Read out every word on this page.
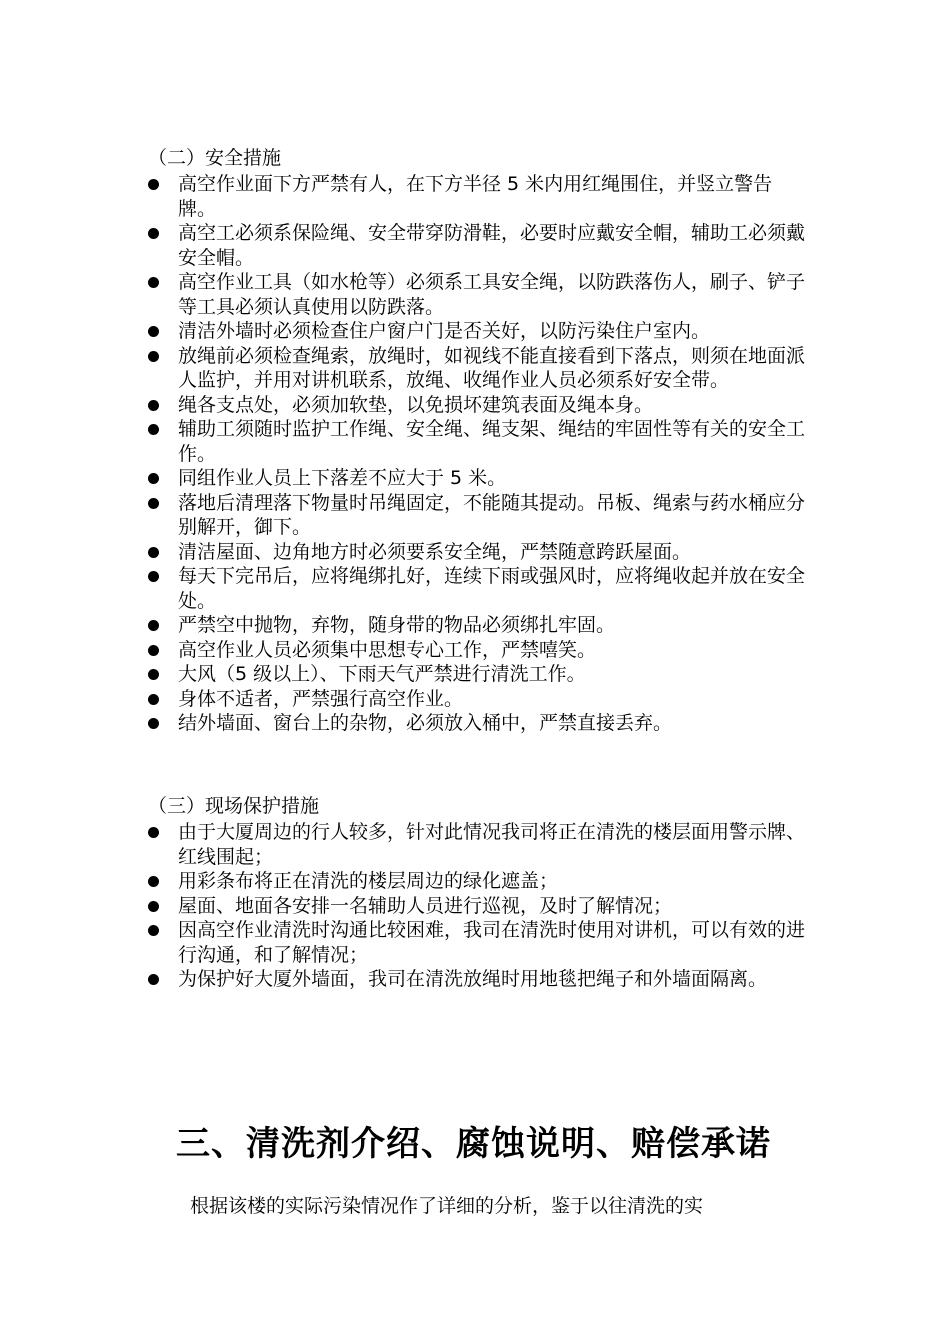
（二）安全措施

高空作业面下方严禁有人，在下方半径 5 米内用红绳围住，并竖立警告牌。
高空工必须系保险绳、安全带穿防滑鞋，必要时应戴安全帽，辅助工必须戴安全帽。
高空作业工具（如水枪等）必须系工具安全绳，以防跌落伤人，刷子、铲子等工具必须认真使用以防跌落。
清洁外墙时必须检查住户窗户门是否关好，以防污染住户室内。
放绳前必须检查绳索，放绳时，如视线不能直接看到下落点，则须在地面派人监护，并用对讲机联系，放绳、收绳作业人员必须系好安全带。
绳各支点处，必须加软垫，以免损坏建筑表面及绳本身。
辅助工须随时监护工作绳、安全绳、绳支架、绳结的牢固性等有关的安全工作。
同组作业人员上下落差不应大于 5 米。
落地后清理落下物量时吊绳固定，不能随其提动。吊板、绳索与药水桶应分别解开，御下。
清洁屋面、边角地方时必须要系安全绳，严禁随意跨跃屋面。
每天下完吊后，应将绳绑扎好，连续下雨或强风时，应将绳收起并放在安全处。
严禁空中抛物，弃物，随身带的物品必须绑扎牢固。
高空作业人员必须集中思想专心工作，严禁嘻笑。
大风（5 级以上）、下雨天气严禁进行清洗工作。
身体不适者，严禁强行高空作业。
结外墙面、窗台上的杂物，必须放入桶中，严禁直接丢弃。

（三）现场保护措施

由于大厦周边的行人较多，针对此情况我司将正在清洗的楼层面用警示牌、红线围起；
用彩条布将正在清洗的楼层周边的绿化遮盖；
屋面、地面各安排一名辅助人员进行巡视，及时了解情况；
因高空作业清洗时沟通比较困难，我司在清洗时使用对讲机，可以有效的进行沟通，和了解情况；
为保护好大厦外墙面，我司在清洗放绳时用地毯把绳子和外墙面隔离。
三、清洗剂介绍、腐蚀说明、赔偿承诺

根据该楼的实际污染情况作了详细的分析，鉴于以往清洗的实
